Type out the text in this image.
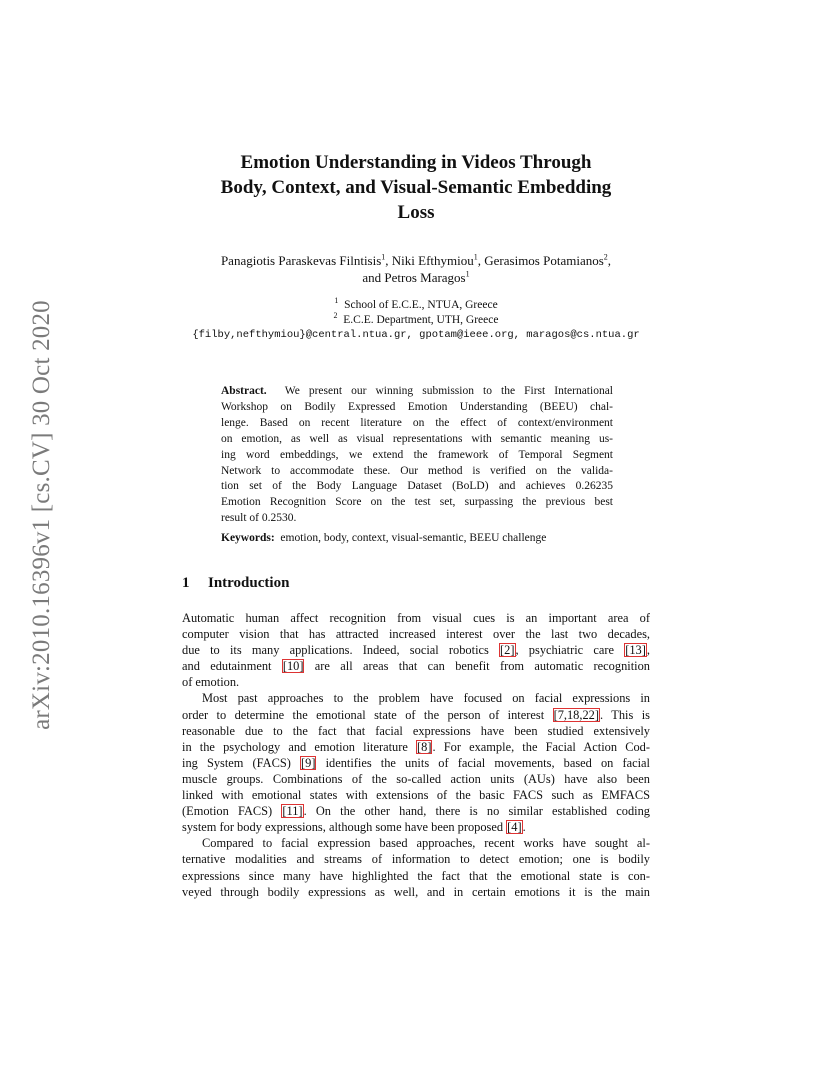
arXiv:2010.16396v1 [cs.CV] 30 Oct 2020
Emotion Understanding in Videos Through
Body, Context, and Visual-Semantic Embedding
Loss
Panagiotis Paraskevas Filntisis$^1$, Niki Efthymiou$^1$, Gerasimos Potamianos$^2$,
and Petros Maragos$^1$
$^1$ School of E.C.E., NTUA, Greece
$^2$ E.C.E. Department, UTH, Greece
{filby,nefthymiou}@central.ntua.gr, gpotam@ieee.org, maragos@cs.ntua.gr
Abstract. We present our winning submission to the First International
Workshop on Bodily Expressed Emotion Understanding (BEEU) chal-
lenge. Based on recent literature on the effect of context/environment
on emotion, as well as visual representations with semantic meaning us-
ing word embeddings, we extend the framework of Temporal Segment
Network to accommodate these. Our method is verified on the valida-
tion set of the Body Language Dataset (BoLD) and achieves 0.26235
Emotion Recognition Score on the test set, surpassing the previous best
result of 0.2530.
Keywords: emotion, body, context, visual-semantic, BEEU challenge
1 Introduction
Automatic human affect recognition from visual cues is an important area of
computer vision that has attracted increased interest over the last two decades,
due to its many applications. Indeed, social robotics [2], psychiatric care [13],
and edutainment [10] are all areas that can benefit from automatic recognition
of emotion.
Most past approaches to the problem have focused on facial expressions in
order to determine the emotional state of the person of interest [7,18,22]. This is
reasonable due to the fact that facial expressions have been studied extensively
in the psychology and emotion literature [8]. For example, the Facial Action Cod-
ing System (FACS) [9] identifies the units of facial movements, based on facial
muscle groups. Combinations of the so-called action units (AUs) have also been
linked with emotional states with extensions of the basic FACS such as EMFACS
(Emotion FACS) [11]. On the other hand, there is no similar established coding
system for body expressions, although some have been proposed [4].
Compared to facial expression based approaches, recent works have sought al-
ternative modalities and streams of information to detect emotion; one is bodily
expressions since many have highlighted the fact that the emotional state is con-
veyed through bodily expressions as well, and in certain emotions it is the main
